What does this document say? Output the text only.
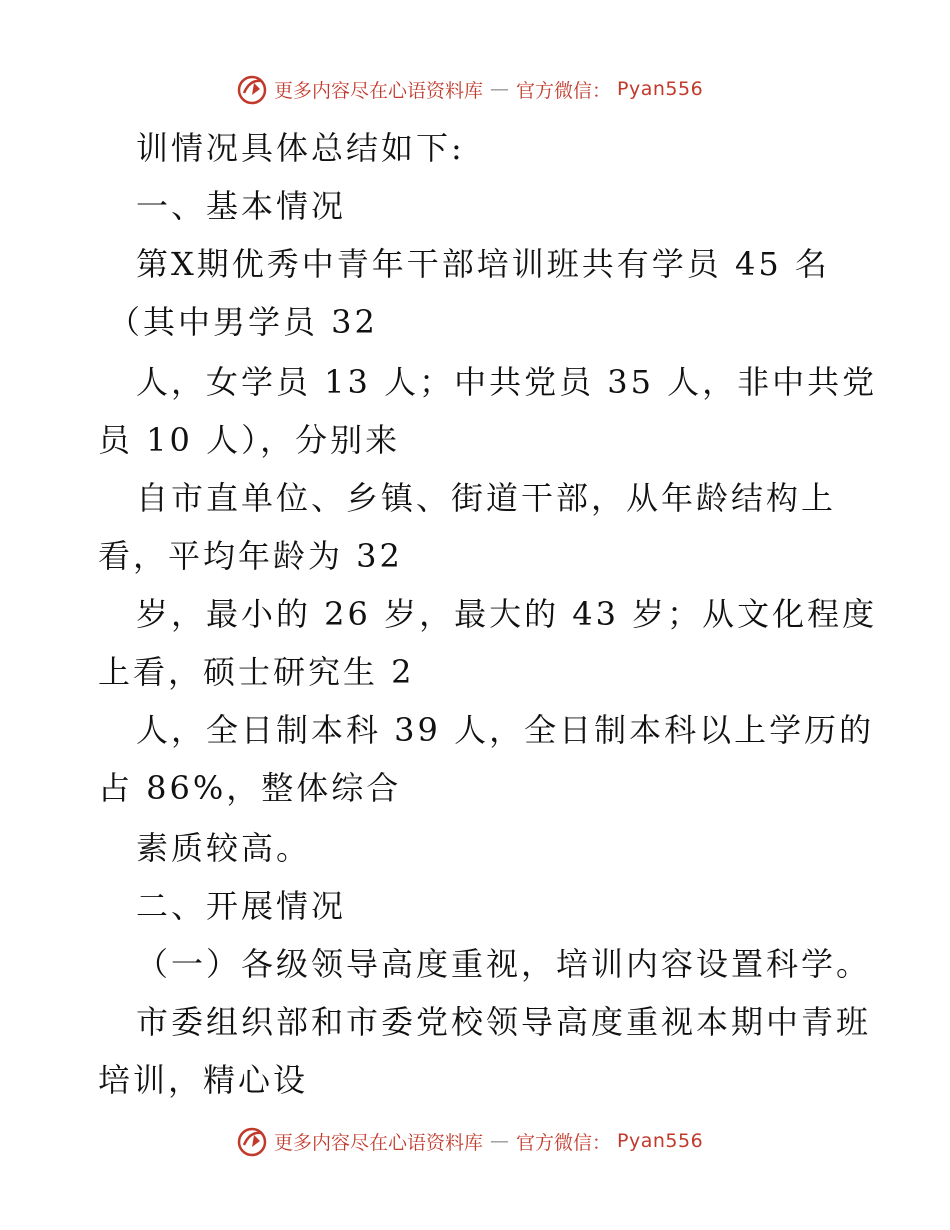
更多内容尽在心语资料库 — 官方微信： Pyan556
训情况具体总结如下:
一、基本情况
第X期优秀中青年干部培训班共有学员 45 名
（其中男学员 32
人，女学员 13 人；中共党员 35 人，非中共党
员 10 人），分别来
自市直单位、乡镇、街道干部，从年龄结构上
看，平均年龄为 32
岁，最小的 26 岁，最大的 43 岁；从文化程度
上看，硕士研究生 2
人，全日制本科 39 人，全日制本科以上学历的
占 86%，整体综合
素质较高。
二、开展情况
（一）各级领导高度重视，培训内容设置科学。
市委组织部和市委党校领导高度重视本期中青班
培训，精心设
更多内容尽在心语资料库 — 官方微信： Pyan556
